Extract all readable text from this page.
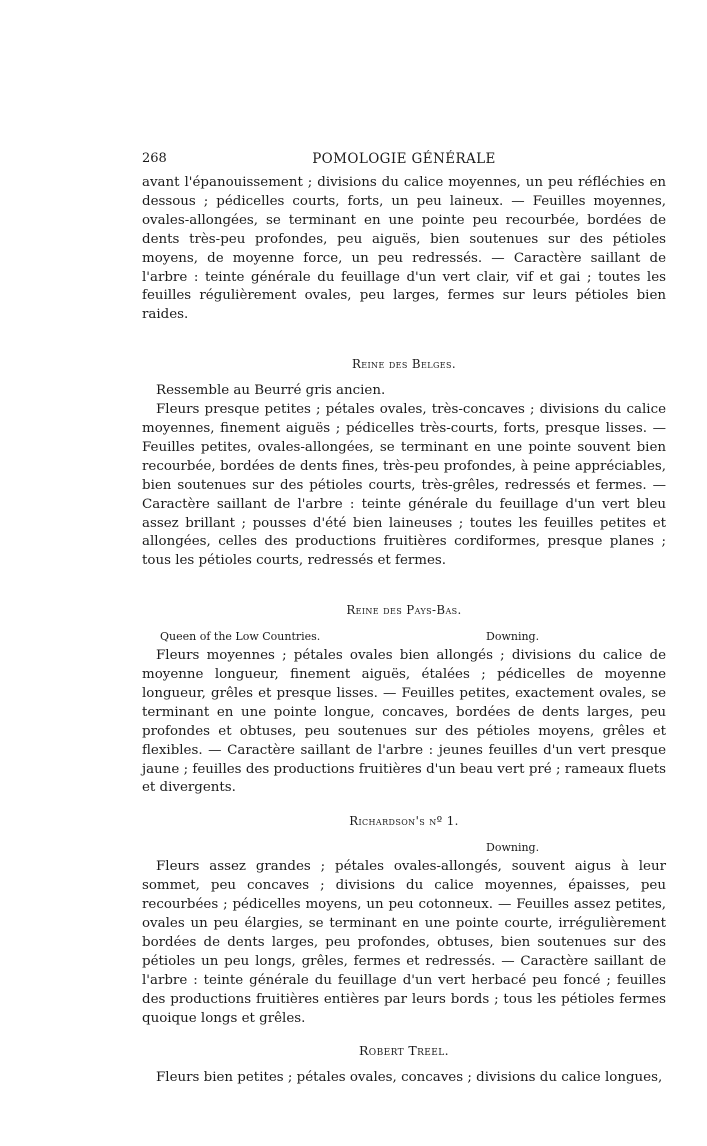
268	POMOLOGIE GÉNÉRALE

avant l'épanouissement ; divisions du calice moyennes, un peu réfléchies en dessous ; pédicelles courts, forts, un peu laineux. — Feuilles moyennes, ovales-allongées, se terminant en une pointe peu recourbée, bordées de dents très-peu profondes, peu aiguës, bien soutenues sur des pétioles moyens, de moyenne force, un peu redressés. — Caractère saillant de l'arbre : teinte générale du feuillage d'un vert clair, vif et gai ; toutes les feuilles régulièrement ovales, peu larges, fermes sur leurs pétioles bien raides.

Reine des Belges.

Ressemble au Beurré gris ancien.

Fleurs presque petites ; pétales ovales, très-concaves ; divisions du calice moyennes, finement aiguës ; pédicelles très-courts, forts, presque lisses. — Feuilles petites, ovales-allongées, se terminant en une pointe souvent bien recourbée, bordées de dents fines, très-peu profondes, à peine appréciables, bien soutenues sur des pétioles courts, très-grêles, redressés et fermes. — Caractère saillant de l'arbre : teinte générale du feuillage d'un vert bleu assez brillant ; pousses d'été bien laineuses ; toutes les feuilles petites et allongées, celles des productions fruitières cordiformes, presque planes ; tous les pétioles courts, redressés et fermes.

Reine des Pays-Bas.
Queen of the Low Countries.	Downing.

Fleurs moyennes ; pétales ovales bien allongés ; divisions du calice de moyenne longueur, finement aiguës, étalées ; pédicelles de moyenne longueur, grêles et presque lisses. — Feuilles petites, exactement ovales, se terminant en une pointe longue, concaves, bordées de dents larges, peu profondes et obtuses, peu soutenues sur des pétioles moyens, grêles et flexibles. — Caractère saillant de l'arbre : jeunes feuilles d'un vert presque jaune ; feuilles des productions fruitières d'un beau vert pré ; rameaux fluets et divergents.

Richardson's nº 1.
Downing.

Fleurs assez grandes ; pétales ovales-allongés, souvent aigus à leur sommet, peu concaves ; divisions du calice moyennes, épaisses, peu recourbées ; pédicelles moyens, un peu cotonneux. — Feuilles assez petites, ovales un peu élargies, se terminant en une pointe courte, irrégulièrement bordées de dents larges, peu profondes, obtuses, bien soutenues sur des pétioles un peu longs, grêles, fermes et redressés. — Caractère saillant de l'arbre : teinte générale du feuillage d'un vert herbacé peu foncé ; feuilles des productions fruitières entières par leurs bords ; tous les pétioles fermes quoique longs et grêles.

Robert Treel.

Fleurs bien petites ; pétales ovales, concaves ; divisions du calice longues,
